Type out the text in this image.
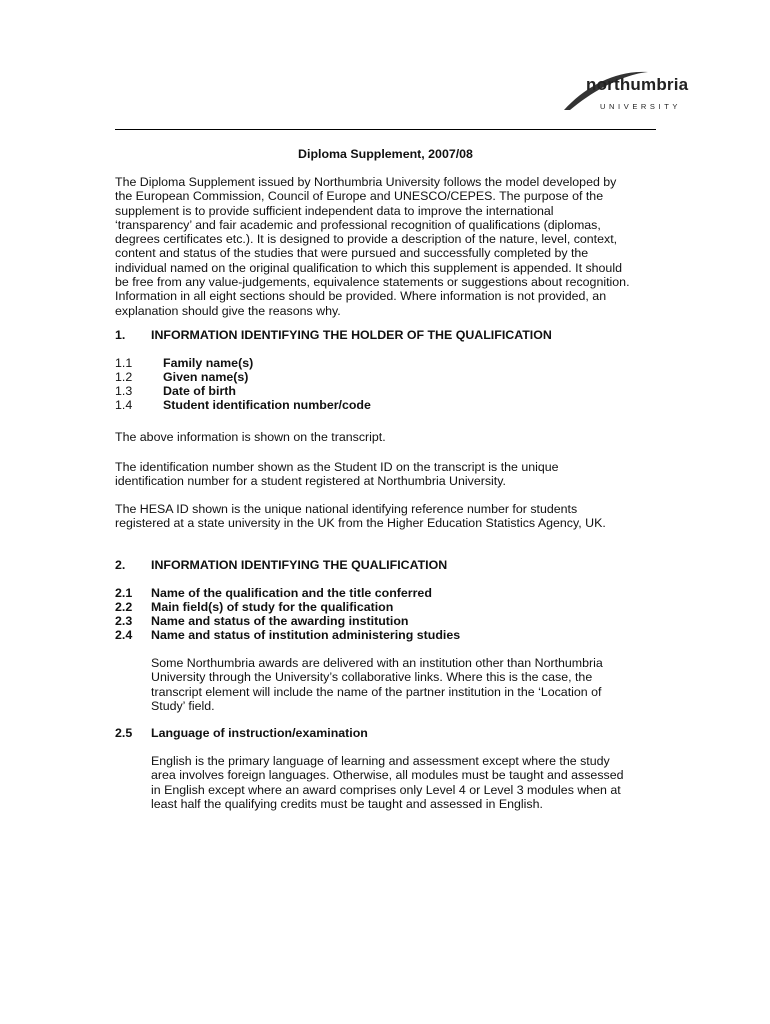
northumbria
UNIVERSITY
Diploma Supplement, 2007/08

The Diploma Supplement issued by Northumbria University follows the model developed by

the European Commission, Council of Europe and UNESCO/CEPES. The purpose of the

supplement is to provide sufficient independent data to improve the international

‘transparency’ and fair academic and professional recognition of qualifications (diplomas,

degrees certificates etc.). It is designed to provide a description of the nature, level, context,

content and status of the studies that were pursued and successfully completed by the

individual named on the original qualification to which this supplement is appended. It should

be free from any value-judgements, equivalence statements or suggestions about recognition.

Information in all eight sections should be provided. Where information is not provided, an

explanation should give the reasons why.

1. INFORMATION IDENTIFYING THE HOLDER OF THE QUALIFICATION
1.1 Family name(s)
1.2 Given name(s)
1.3 Date of birth
1.4 Student identification number/code

The above information is shown on the transcript.

The identification number shown as the Student ID on the transcript is the unique

identification number for a student registered at Northumbria University.

The HESA ID shown is the unique national identifying reference number for students

registered at a state university in the UK from the Higher Education Statistics Agency, UK.

2. INFORMATION IDENTIFYING THE QUALIFICATION
2.1 Name of the qualification and the title conferred
2.2 Main field(s) of study for the qualification
2.3 Name and status of the awarding institution
2.4 Name and status of institution administering studies

Some Northumbria awards are delivered with an institution other than Northumbria

University through the University’s collaborative links. Where this is the case, the

transcript element will include the name of the partner institution in the ‘Location of

Study’ field.

2.5 Language of instruction/examination

English is the primary language of learning and assessment except where the study

area involves foreign languages. Otherwise, all modules must be taught and assessed

in English except where an award comprises only Level 4 or Level 3 modules when at

least half the qualifying credits must be taught and assessed in English.
